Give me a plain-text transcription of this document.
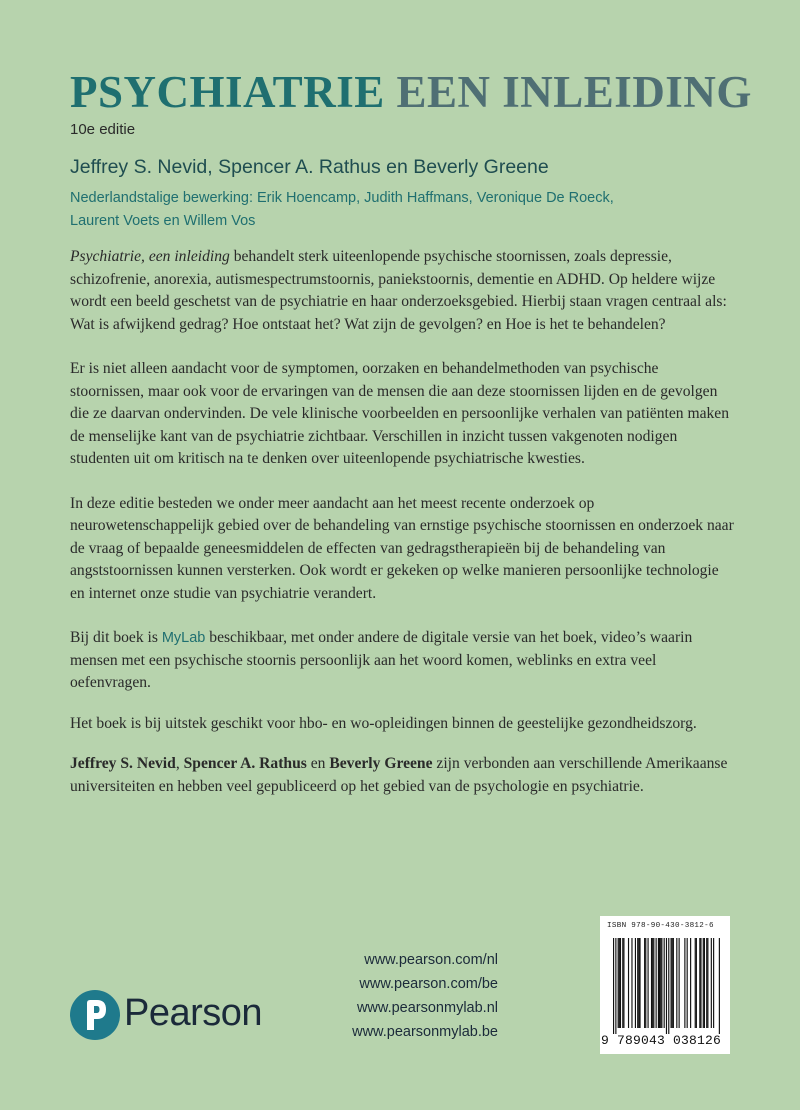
PSYCHIATRIE EEN INLEIDING
10e editie
Jeffrey S. Nevid, Spencer A. Rathus en Beverly Greene
Nederlandstalige bewerking: Erik Hoencamp, Judith Haffmans, Veronique De Roeck,
Laurent Voets en Willem Vos

Psychiatrie, een inleiding behandelt sterk uiteenlopende psychische stoornissen, zoals depressie, schizofrenie, anorexia, autismespectrumstoornis, paniekstoornis, dementie en ADHD. Op heldere wijze wordt een beeld geschetst van de psychiatrie en haar onderzoeksgebied. Hierbij staan vragen centraal als: Wat is afwijkend gedrag? Hoe ontstaat het? Wat zijn de gevolgen? en Hoe is het te behandelen?

Er is niet alleen aandacht voor de symptomen, oorzaken en behandelmethoden van psychische stoornissen, maar ook voor de ervaringen van de mensen die aan deze stoornissen lijden en de gevolgen die ze daarvan ondervinden. De vele klinische voorbeelden en persoonlijke verhalen van patiënten maken de menselijke kant van de psychiatrie zichtbaar. Verschillen in inzicht tussen vakgenoten nodigen studenten uit om kritisch na te denken over uiteenlopende psychiatrische kwesties.

In deze editie besteden we onder meer aandacht aan het meest recente onderzoek op neurowetenschappelijk gebied over de behandeling van ernstige psychische stoornissen en onderzoek naar de vraag of bepaalde geneesmiddelen de effecten van gedragstherapieën bij de behandeling van angststoornissen kunnen versterken. Ook wordt er gekeken op welke manieren persoonlijke technologie en internet onze studie van psychiatrie verandert.

Bij dit boek is MyLab beschikbaar, met onder andere de digitale versie van het boek, video’s waarin mensen met een psychische stoornis persoonlijk aan het woord komen, weblinks en extra veel oefenvragen.

Het boek is bij uitstek geschikt voor hbo- en wo-opleidingen binnen de geestelijke gezondheidszorg.

Jeffrey S. Nevid, Spencer A. Rathus en Beverly Greene zijn verbonden aan verschillende Amerikaanse universiteiten en hebben veel gepubliceerd op het gebied van de psychologie en psychiatrie.

Pearson
www.pearson.com/nl
www.pearson.com/be
www.pearsonmylab.nl
www.pearsonmylab.be
ISBN 978-90-430-3812-6
9 789043 038126
